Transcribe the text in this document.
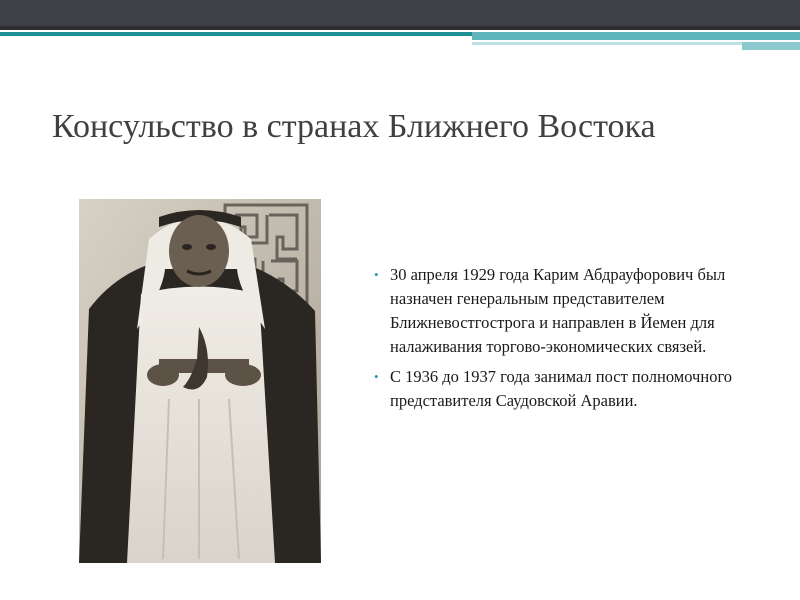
Консульство в странах Ближнего Востока
• 30 апреля 1929 года Карим Абдрауфорович был назначен генеральным представителем Ближневостгострога и направлен в Йемен для налаживания торгово-экономических связей.
• С 1936 до 1937 года занимал пост полномочного представителя Саудовской Аравии.
